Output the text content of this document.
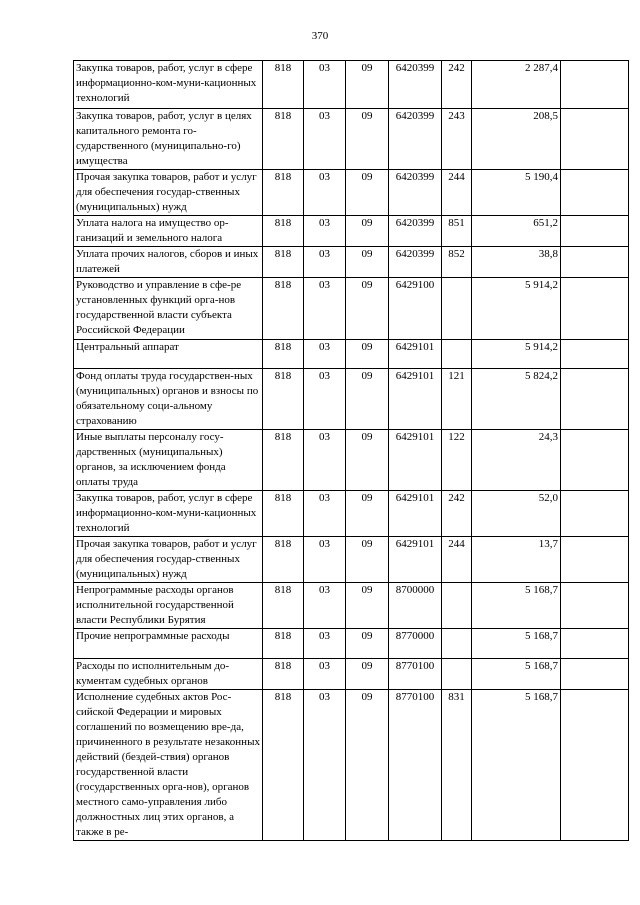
370
Закупка товаров, работ, услуг в сфере информационно-ком-муни-кационных технологий	818	03	09	6420399	242	2 287,4	
Закупка товаров, работ, услуг в целях капитального ремонта го-сударственного (муниципально-го) имущества	818	03	09	6420399	243	208,5	
Прочая закупка товаров, работ и услуг для обеспечения государ-ственных (муниципальных) нужд	818	03	09	6420399	244	5 190,4	
Уплата налога на имущество ор-ганизаций и земельного налога	818	03	09	6420399	851	651,2	
Уплата прочих налогов, сборов и иных платежей	818	03	09	6420399	852	38,8	
Руководство и управление в сфе-ре установленных функций орга-нов государственной власти субъекта Российской Федерации	818	03	09	6429100		5 914,2	
Центральный аппарат	818	03	09	6429101		5 914,2	
Фонд оплаты труда государствен-ных (муниципальных) органов и взносы по обязательному соци-альному страхованию	818	03	09	6429101	121	5 824,2	
Иные выплаты персоналу госу-дарственных (муниципальных) органов, за исключением фонда оплаты труда	818	03	09	6429101	122	24,3	
Закупка товаров, работ, услуг в сфере информационно-ком-муни-кационных технологий	818	03	09	6429101	242	52,0	
Прочая закупка товаров, работ и услуг для обеспечения государ-ственных (муниципальных) нужд	818	03	09	6429101	244	13,7	
Непрограммные расходы органов исполнительной государственной власти Республики Бурятия	818	03	09	8700000		5 168,7	
Прочие непрограммные расходы	818	03	09	8770000		5 168,7	
Расходы по исполнительным до-кументам судебных органов	818	03	09	8770100		5 168,7	
Исполнение судебных актов Рос-сийской Федерации и мировых соглашений по возмещению вре-да, причиненного в результате незаконных действий (бездей-ствия) органов государственной власти (государственных орга-нов), органов местного само-управления либо должностных лиц этих органов, а также в ре-	818	03	09	8770100	831	5 168,7	
